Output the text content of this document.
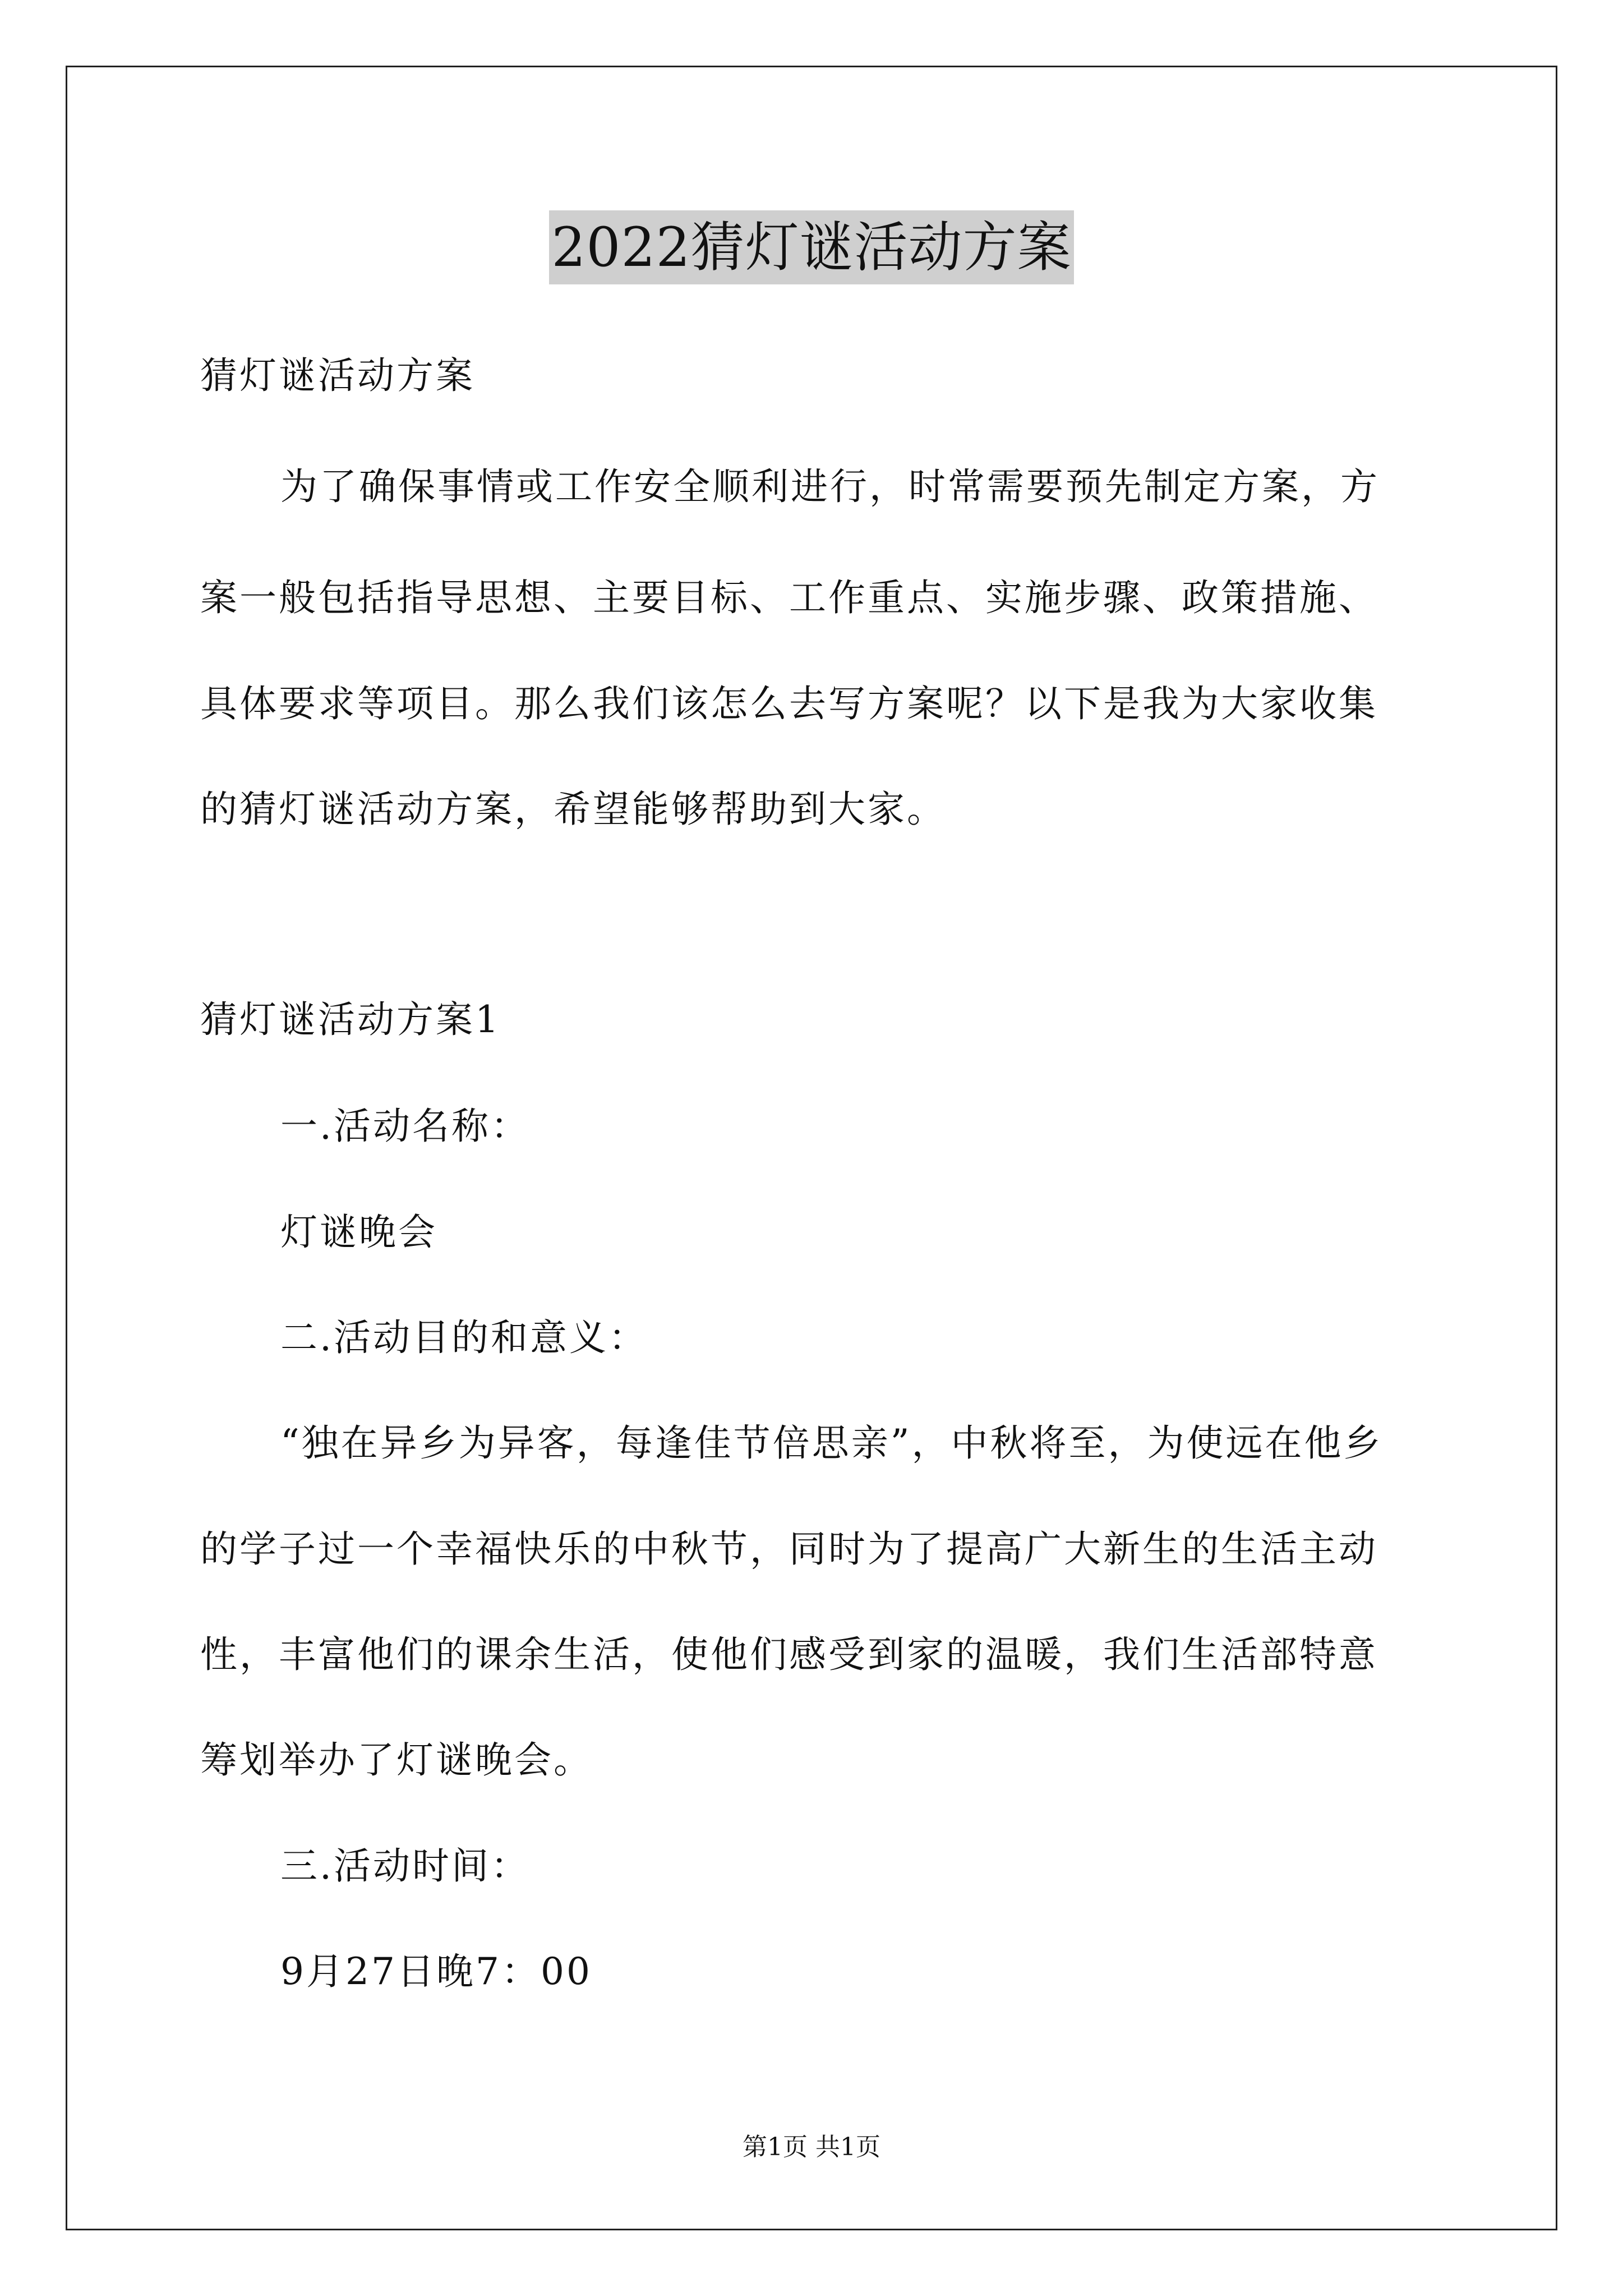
2022猜灯谜活动方案
猜灯谜活动方案
为了确保事情或工作安全顺利进行，时常需要预先制定方案，方
案一般包括指导思想、主要目标、工作重点、实施步骤、政策措施、
具体要求等项目。那么我们该怎么去写方案呢？以下是我为大家收集
的猜灯谜活动方案，希望能够帮助到大家。
猜灯谜活动方案1
一.活动名称：
灯谜晚会
二.活动目的和意义：
“独在异乡为异客，每逢佳节倍思亲”，中秋将至，为使远在他乡
的学子过一个幸福快乐的中秋节，同时为了提高广大新生的生活主动
性，丰富他们的课余生活，使他们感受到家的温暖，我们生活部特意
筹划举办了灯谜晚会。
三.活动时间：
9月27日晚7：00
第1页 共1页
